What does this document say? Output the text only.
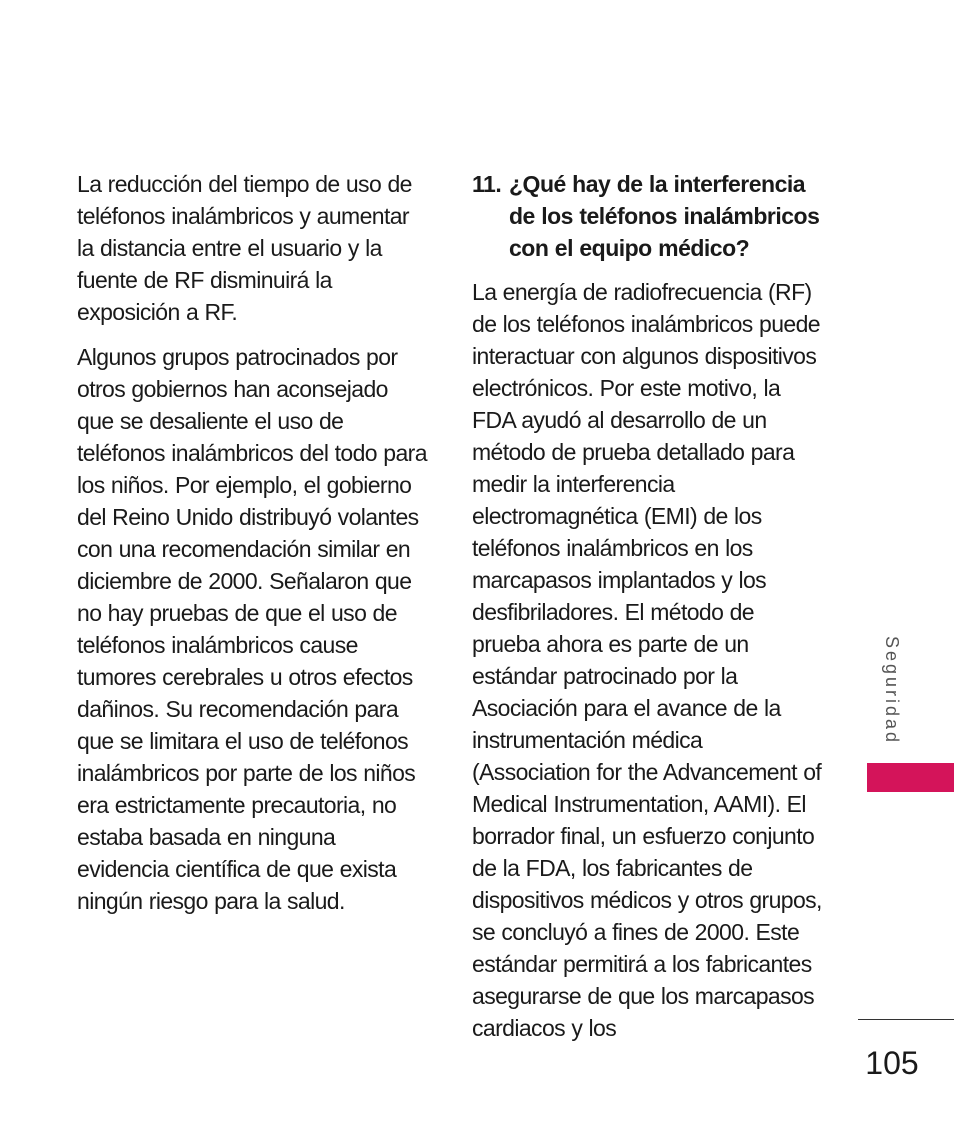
La reducción del tiempo de uso de teléfonos inalámbricos y aumentar la distancia entre el usuario y la fuente de RF disminuirá la exposición a RF.

Algunos grupos patrocinados por otros gobiernos han aconsejado que se desaliente el uso de teléfonos inalámbricos del todo para los niños. Por ejemplo, el gobierno del Reino Unido distribuyó volantes con una recomendación similar en diciembre de 2000. Señalaron que no hay pruebas de que el uso de teléfonos inalámbricos cause tumores cerebrales u otros efectos dañinos. Su recomendación para que se limitara el uso de teléfonos inalámbricos por parte de los niños era estrictamente precautoria, no estaba basada en ninguna evidencia científica de que exista ningún riesgo para la salud.

11. ¿Qué hay de la interferencia de los teléfonos inalámbricos con el equipo médico?

La energía de radiofrecuencia (RF) de los teléfonos inalámbricos puede interactuar con algunos dispositivos electrónicos. Por este motivo, la FDA ayudó al desarrollo de un método de prueba detallado para medir la interferencia electromagnética (EMI) de los teléfonos inalámbricos en los marcapasos implantados y los desfibriladores. El método de prueba ahora es parte de un estándar patrocinado por la Asociación para el avance de la instrumentación médica (Association for the Advancement of Medical Instrumentation, AAMI). El borrador final, un esfuerzo conjunto de la FDA, los fabricantes de dispositivos médicos y otros grupos, se concluyó a fines de 2000. Este estándar permitirá a los fabricantes asegurarse de que los marcapasos cardiacos y los

Seguridad
105
